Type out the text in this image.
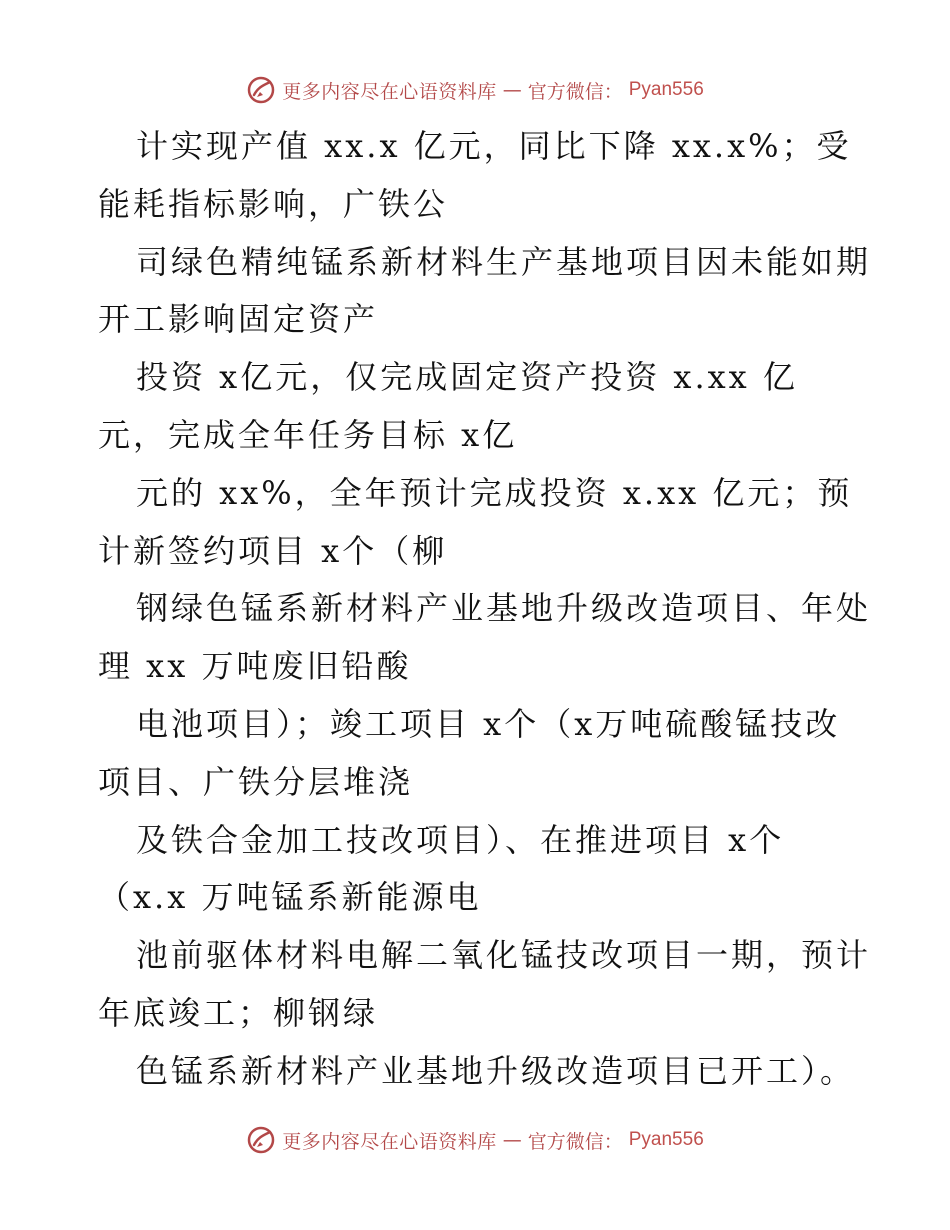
更多内容尽在心语资料库 — 官方微信： Pyan556
计实现产值 xx.x 亿元，同比下降 xx.x%；受
能耗指标影响，广铁公
司绿色精纯锰系新材料生产基地项目因未能如期
开工影响固定资产
投资 x亿元，仅完成固定资产投资 x.xx 亿
元，完成全年任务目标 x亿
元的 xx%，全年预计完成投资 x.xx 亿元；预
计新签约项目 x个（柳
钢绿色锰系新材料产业基地升级改造项目、年处
理 xx 万吨废旧铅酸
电池项目）；竣工项目 x个（x万吨硫酸锰技改
项目、广铁分层堆浇
及铁合金加工技改项目）、在推进项目 x个
（x.x 万吨锰系新能源电
池前驱体材料电解二氧化锰技改项目一期，预计
年底竣工；柳钢绿
色锰系新材料产业基地升级改造项目已开工）。
更多内容尽在心语资料库 — 官方微信： Pyan556
